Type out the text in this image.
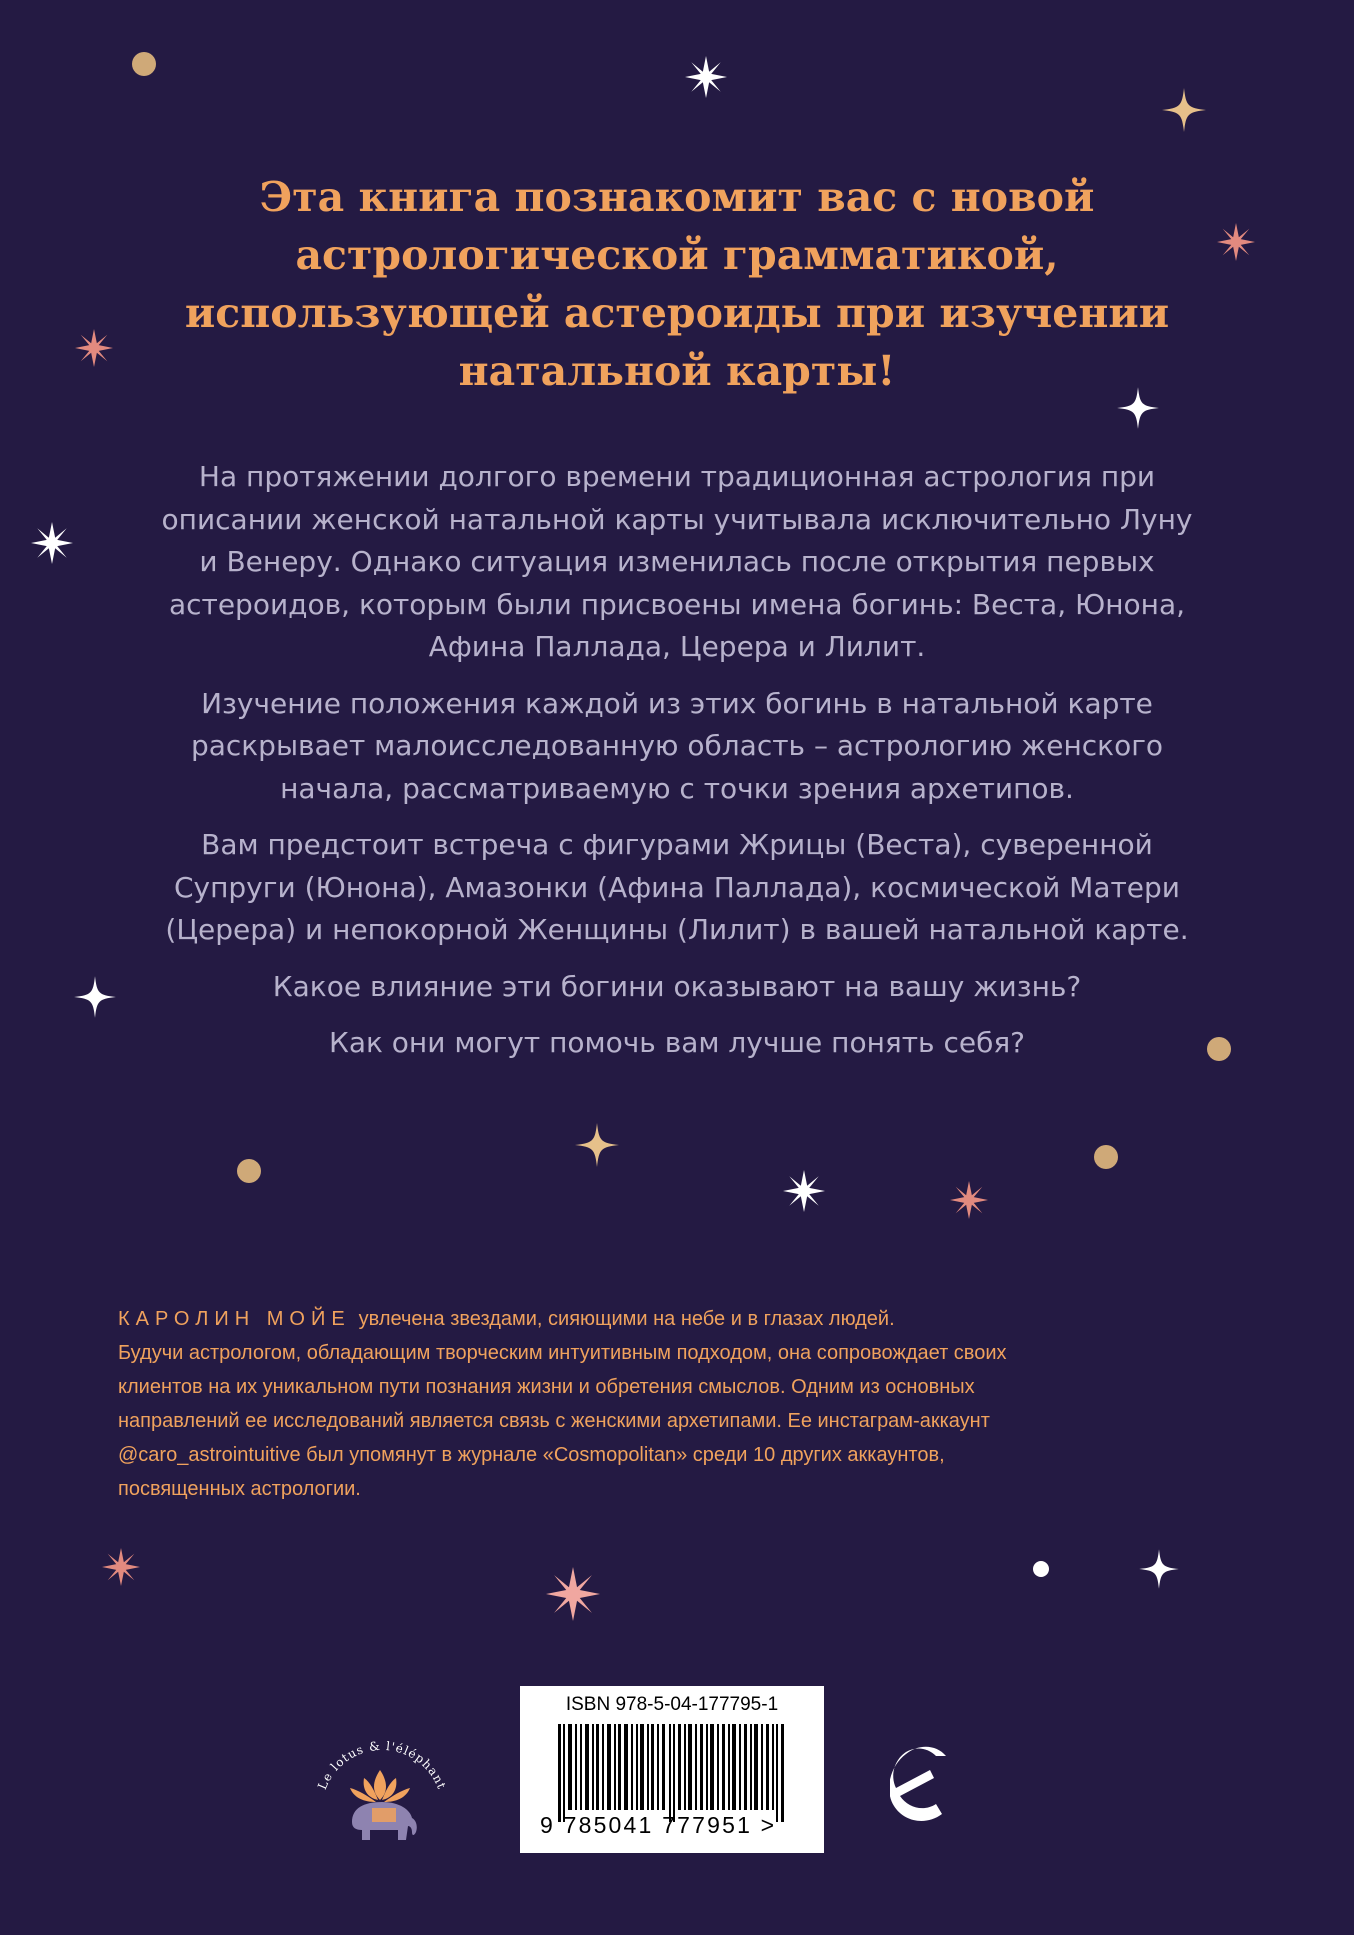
Эта книга познакомит вас с новой
астрологической грамматикой,
использующей астероиды при изучении
натальной карты!

На протяжении долгого времени традиционная астрология при
описании женской натальной карты учитывала исключительно Луну
и Венеру. Однако ситуация изменилась после открытия первых
астероидов, которым были присвоены имена богинь: Веста, Юнона,
Афина Паллада, Церера и Лилит.

Изучение положения каждой из этих богинь в натальной карте
раскрывает малоисследованную область – астрологию женского
начала, рассматриваемую с точки зрения архетипов.

Вам предстоит встреча с фигурами Жрицы (Веста), суверенной
Супруги (Юнона), Амазонки (Афина Паллада), космической Матери
(Церера) и непокорной Женщины (Лилит) в вашей натальной карте.

Какое влияние эти богини оказывают на вашу жизнь?

Как они могут помочь вам лучше понять себя?

КАРОЛИН МОЙЕ увлечена звездами, сияющими на небе и в глазах людей.
Будучи астрологом, обладающим творческим интуитивным подходом, она сопровождает своих
клиентов на их уникальном пути познания жизни и обретения смыслов. Одним из основных
направлений ее исследований является связь с женскими архетипами. Ее инстаграм-аккаунт
@caro_astrointuitive был упомянут в журнале «Cosmopolitan» среди 10 других аккаунтов,
посвященных астрологии.
Le lotus & l'éléphant
ISBN 978-5-04-177795-1
9 785041 777951 >
